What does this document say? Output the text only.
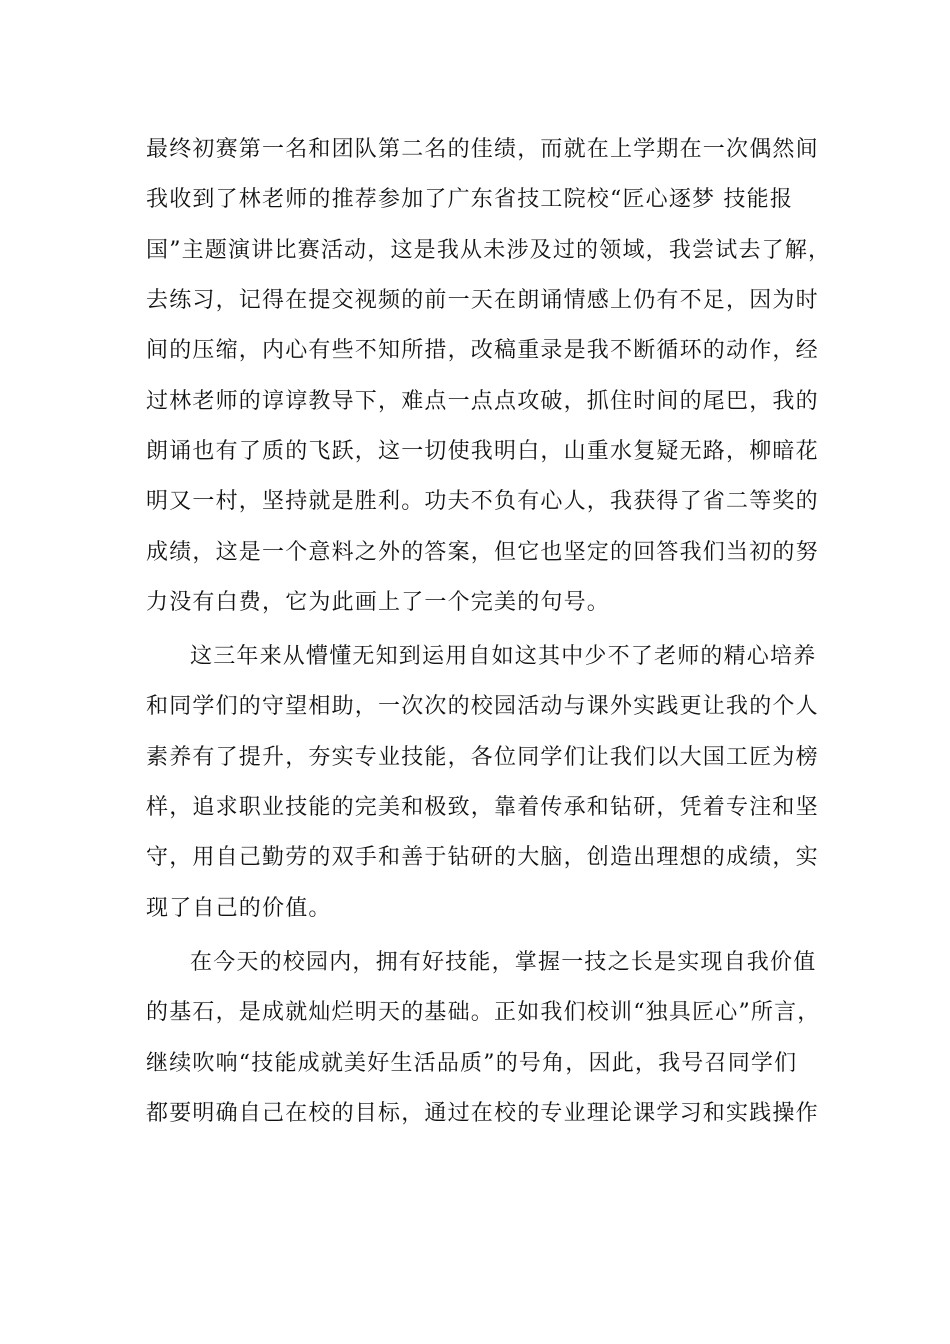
最终初赛第一名和团队第二名的佳绩，而就在上学期在一次偶然间
我收到了林老师的推荐参加了广东省技工院校“匠心逐梦 技能报
国”主题演讲比赛活动，这是我从未涉及过的领域，我尝试去了解，
去练习，记得在提交视频的前一天在朗诵情感上仍有不足，因为时
间的压缩，内心有些不知所措，改稿重录是我不断循环的动作，经
过林老师的谆谆教导下，难点一点点攻破，抓住时间的尾巴，我的
朗诵也有了质的飞跃，这一切使我明白，山重水复疑无路，柳暗花
明又一村，坚持就是胜利。功夫不负有心人，我获得了省二等奖的
成绩，这是一个意料之外的答案，但它也坚定的回答我们当初的努
力没有白费，它为此画上了一个完美的句号。
这三年来从懵懂无知到运用自如这其中少不了老师的精心培养
和同学们的守望相助，一次次的校园活动与课外实践更让我的个人
素养有了提升，夯实专业技能，各位同学们让我们以大国工匠为榜
样，追求职业技能的完美和极致，靠着传承和钻研，凭着专注和坚
守，用自己勤劳的双手和善于钻研的大脑，创造出理想的成绩，实
现了自己的价值。
在今天的校园内，拥有好技能，掌握一技之长是实现自我价值
的基石，是成就灿烂明天的基础。正如我们校训“独具匠心”所言，
继续吹响“技能成就美好生活品质”的号角，因此，我号召同学们
都要明确自己在校的目标，通过在校的专业理论课学习和实践操作
